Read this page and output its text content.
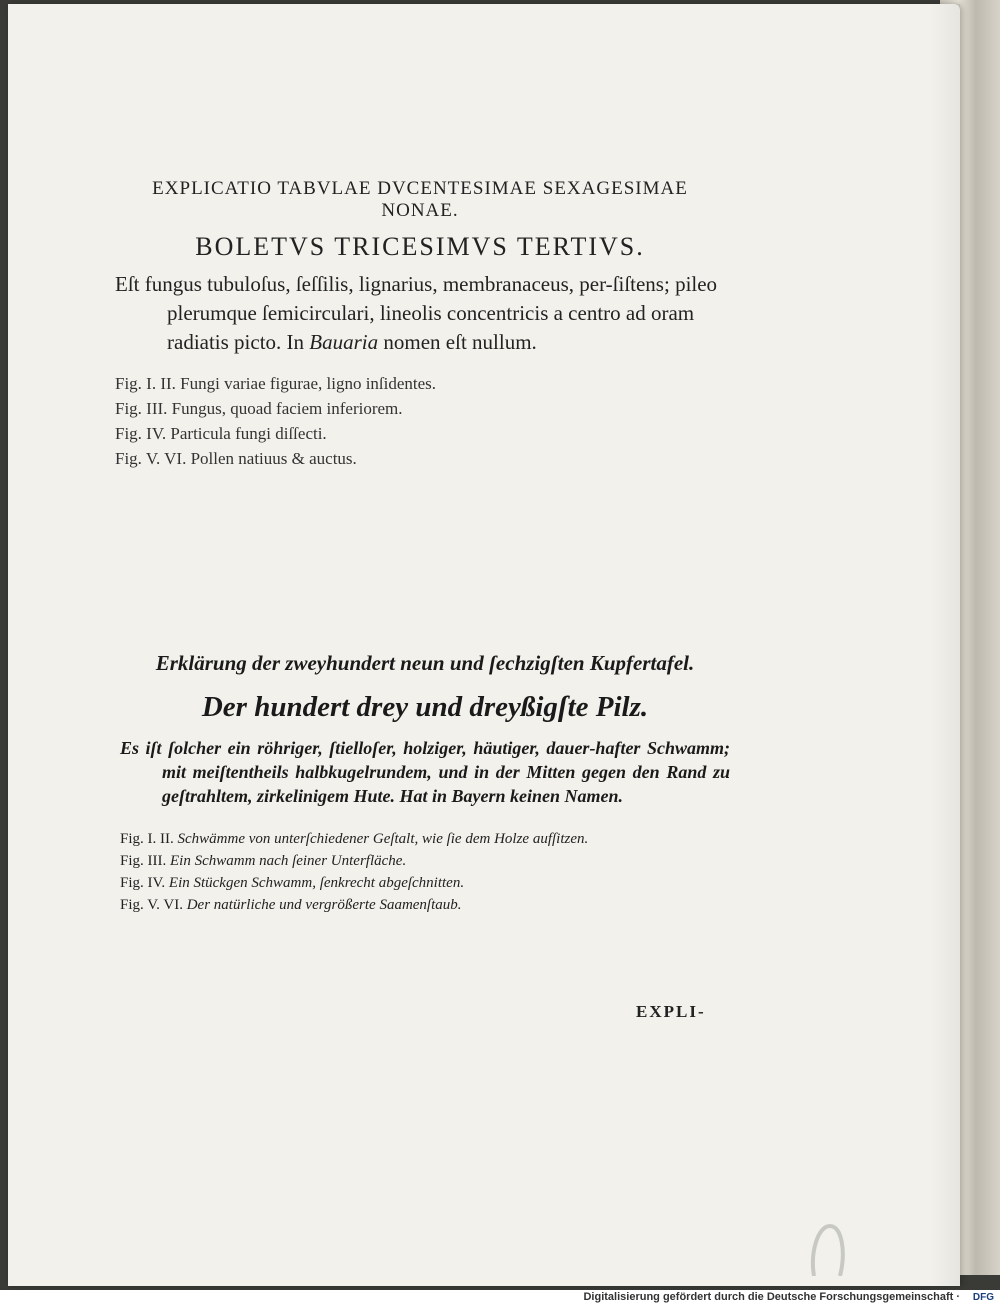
EXPLICATIO TABVLAE DVCENTESIMAE SEXAGESIMAE

NONAE.

BOLETVS TRICESIMVS TERTIVS.

Eſt fungus tubuloſus, ſeſſilis, lignarius, membranaceus, per-ſiſtens; pileo plerumque ſemicirculari, lineolis concentricis a centro ad oram radiatis picto. In Bauaria nomen eſt nullum.

Fig. I. II. Fungi variae figurae, ligno inſidentes.
Fig. III. Fungus, quoad faciem inferiorem.
Fig. IV. Particula fungi diſſecti.
Fig. V. VI. Pollen natiuus & auctus.

Erklärung der zweyhundert neun und ſechzigſten Kupfertafel.

Der hundert drey und dreyßigſte Pilz.

Es iſt ſolcher ein röhriger, ſtielloſer, holziger, häutiger, dauer-hafter Schwamm; mit meiſtentheils halbkugelrundem, und in der Mitten gegen den Rand zu geſtrahltem, zirkelinigem Hute. Hat in Bayern keinen Namen.

Fig. I. II. Schwämme von unterſchiedener Geſtalt, wie ſie dem Holze aufſitzen.
Fig. III. Ein Schwamm nach ſeiner Unterfläche.
Fig. IV. Ein Stückgen Schwamm, ſenkrecht abgeſchnitten.
Fig. V. VI. Der natürliche und vergrößerte Saamenſtaub.
EXPLI-
Digitalisierung gefördert durch die Deutsche Forschungsgemeinschaft · DFG
